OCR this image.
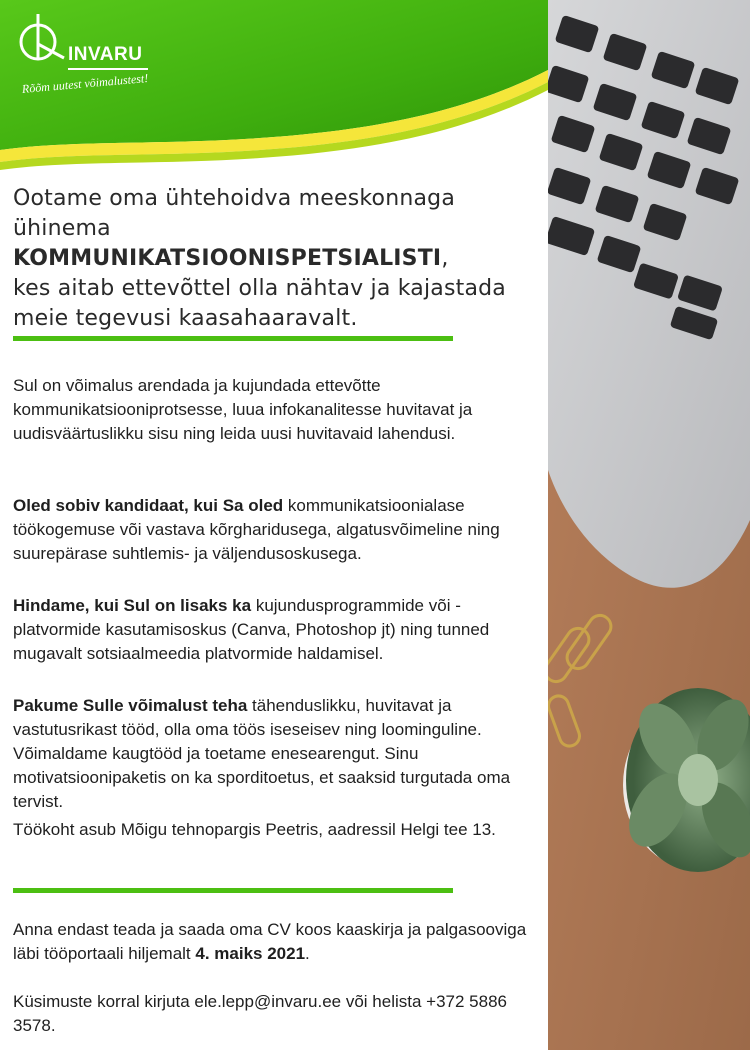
INVARU
Rõõm uutest võimalustest!
Ootame oma ühtehoidva meeskonnaga
ühinema KOMMUNIKATSIOONISPETSIALISTI,
kes aitab ettevõttel olla nähtav ja kajastada
meie tegevusi kaasahaaravalt.
Sul on võimalus arendada ja kujundada ettevõtte kommunikatsiooniprotsesse, luua infokanalitesse huvitavat ja uudisväärtuslikku sisu ning leida uusi huvitavaid lahendusi.
Oled sobiv kandidaat, kui Sa oled kommunikatsioonialase töökogemuse või vastava kõrgharidusega, algatusvõimeline ning suurepärase suhtlemis- ja väljendusoskusega.
Hindame, kui Sul on lisaks ka kujundusprogrammide või -platvormide kasutamisoskus (Canva, Photoshop jt) ning tunned mugavalt sotsiaalmeedia platvormide haldamisel.
Pakume Sulle võimalust teha tähenduslikku, huvitavat ja vastutusrikast tööd, olla oma töös iseseisev ning loominguline. Võimaldame kaugtööd ja toetame enesearengut. Sinu motivatsioonipaketis on ka sporditoetus, et saaksid turgutada oma tervist.
Töökoht asub Mõigu tehnopargis Peetris, aadressil Helgi tee 13.
Anna endast teada ja saada oma CV koos kaaskirja ja palgasooviga läbi tööportaali hiljemalt 4. maiks 2021.
Küsimuste korral kirjuta ele.lepp@invaru.ee või helista +372 5886 3578.
